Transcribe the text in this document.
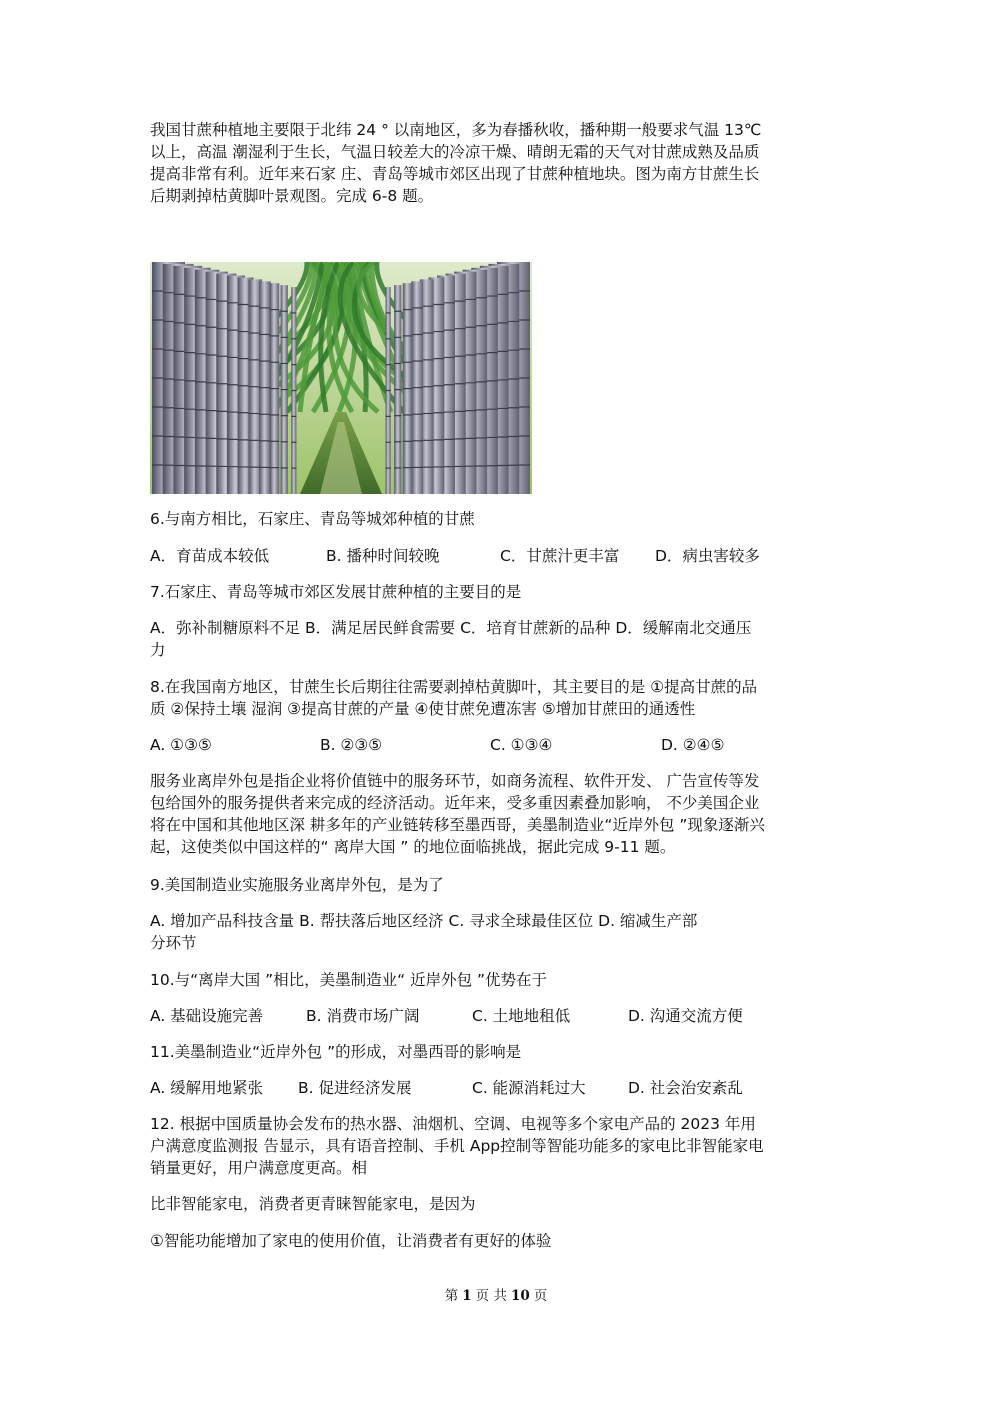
我国甘蔗种植地主要限于北纬 24 ° 以南地区，多为春播秋收，播种期一般要求气温 13℃
以上，高温 潮湿利于生长，气温日较差大的冷凉干燥、晴朗无霜的天气对甘蔗成熟及品质
提高非常有利。近年来石家 庄、青岛等城市郊区出现了甘蔗种植地块。图为南方甘蔗生长
后期剥掉枯黄脚叶景观图。完成 6-8 题。
6.与南方相比，石家庄、青岛等城郊种植的甘蔗
A．育苗成本较低	B. 播种时间较晚	C．甘蔗汁更丰富 D．病虫害较多
7.石家庄、青岛等城市郊区发展甘蔗种植的主要目的是
A．弥补制糖原料不足 B．满足居民鲜食需要 C．培育甘蔗新的品种 D．缓解南北交通压
力
8.在我国南方地区，甘蔗生长后期往往需要剥掉枯黄脚叶，其主要目的是 ①提高甘蔗的品
质 ②保持土壤 湿润 ③提高甘蔗的产量 ④使甘蔗免遭冻害 ⑤增加甘蔗田的通透性
A. ①③⑤	B. ②③⑤	C. ①③④	D. ②④⑤
服务业离岸外包是指企业将价值链中的服务环节，如商务流程、软件开发、 广告宣传等发
包给国外的服务提供者来完成的经济活动。近年来，受多重因素叠加影响， 不少美国企业
将在中国和其他地区深 耕多年的产业链转移至墨西哥，美墨制造业“近岸外包 ”现象逐渐兴
起，这使类似中国这样的“ 离岸大国 ” 的地位面临挑战，据此完成 9-11 题。
9.美国制造业实施服务业离岸外包，是为了
A. 增加产品科技含量 B. 帮扶落后地区经济 C. 寻求全球最佳区位 D. 缩减生产部
分环节
10.与“离岸大国 ”相比，美墨制造业“ 近岸外包 ”优势在于
A. 基础设施完善	B. 消费市场广阔	C. 土地地租低	D. 沟通交流方便
11.美墨制造业“近岸外包 ”的形成，对墨西哥的影响是
A. 缓解用地紧张 B. 促进经济发展	C. 能源消耗过大	D. 社会治安紊乱
12. 根据中国质量协会发布的热水器、油烟机、空调、电视等多个家电产品的 2023 年用
户满意度监测报 告显示，具有语音控制、手机 App控制等智能功能多的家电比非智能家电
销量更好，用户满意度更高。相
比非智能家电，消费者更青睐智能家电，是因为
①智能功能增加了家电的使用价值，让消费者有更好的体验
第 1 页 共 10 页
